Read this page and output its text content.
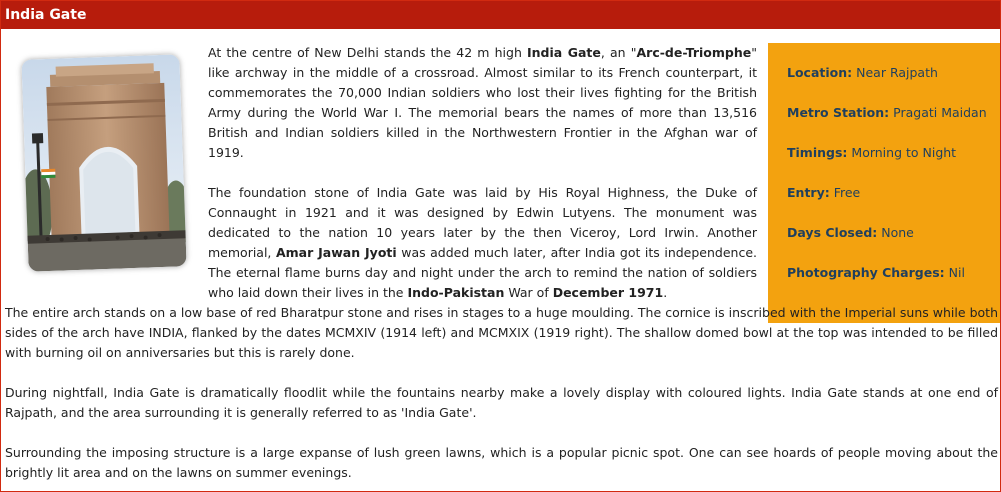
India Gate

At the centre of New Delhi stands the 42 m high India Gate, an "Arc-de-Triomphe" like archway in the middle of a crossroad. Almost similar to its French counterpart, it commemorates the 70,000 Indian soldiers who lost their lives fighting for the British Army during the World War I. The memorial bears the names of more than 13,516 British and Indian soldiers killed in the Northwestern Frontier in the Afghan war of 1919.

The foundation stone of India Gate was laid by His Royal Highness, the Duke of Connaught in 1921 and it was designed by Edwin Lutyens. The monument was dedicated to the nation 10 years later by the then Viceroy, Lord Irwin. Another memorial, Amar Jawan Jyoti was added much later, after India got its independence. The eternal flame burns day and night under the arch to remind the nation of soldiers who laid down their lives in the Indo-Pakistan War of December 1971.

Location: Near Rajpath
Metro Station: Pragati Maidan
Timings: Morning to Night
Entry: Free
Days Closed: None
Photography Charges: Nil

The entire arch stands on a low base of red Bharatpur stone and rises in stages to a huge moulding. The cornice is inscribed with the Imperial suns while both sides of the arch have INDIA, flanked by the dates MCMXIV (1914 left) and MCMXIX (1919 right). The shallow domed bowl at the top was intended to be filled with burning oil on anniversaries but this is rarely done.

During nightfall, India Gate is dramatically floodlit while the fountains nearby make a lovely display with coloured lights. India Gate stands at one end of Rajpath, and the area surrounding it is generally referred to as 'India Gate'.

Surrounding the imposing structure is a large expanse of lush green lawns, which is a popular picnic spot. One can see hoards of people moving about the brightly lit area and on the lawns on summer evenings.
